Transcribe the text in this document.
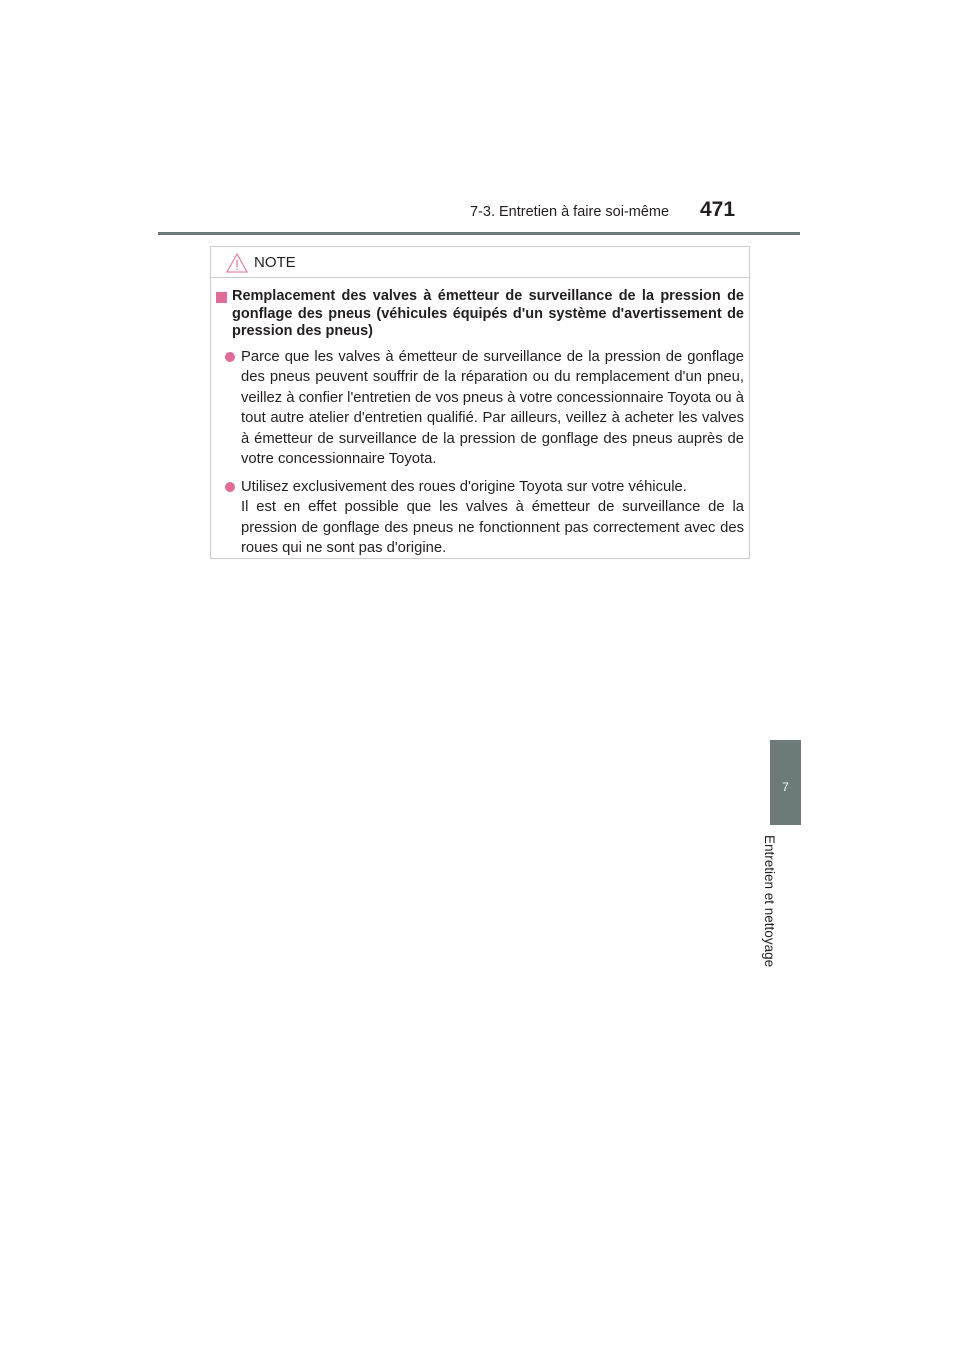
7-3. Entretien à faire soi-même 471
NOTE
Remplacement des valves à émetteur de surveillance de la pression de gonflage des pneus (véhicules équipés d'un système d'avertissement de pression des pneus)

Parce que les valves à émetteur de surveillance de la pression de gonflage des pneus peuvent souffrir de la réparation ou du remplacement d'un pneu, veillez à confier l'entretien de vos pneus à votre concessionnaire Toyota ou à tout autre atelier d'entretien qualifié. Par ailleurs, veillez à acheter les valves à émetteur de surveillance de la pression de gonflage des pneus auprès de votre concessionnaire Toyota.

Utilisez exclusivement des roues d'origine Toyota sur votre véhicule.

Il est en effet possible que les valves à émetteur de surveillance de la pression de gonflage des pneus ne fonctionnent pas correctement avec des roues qui ne sont pas d'origine.

7
Entretien et nettoyage
